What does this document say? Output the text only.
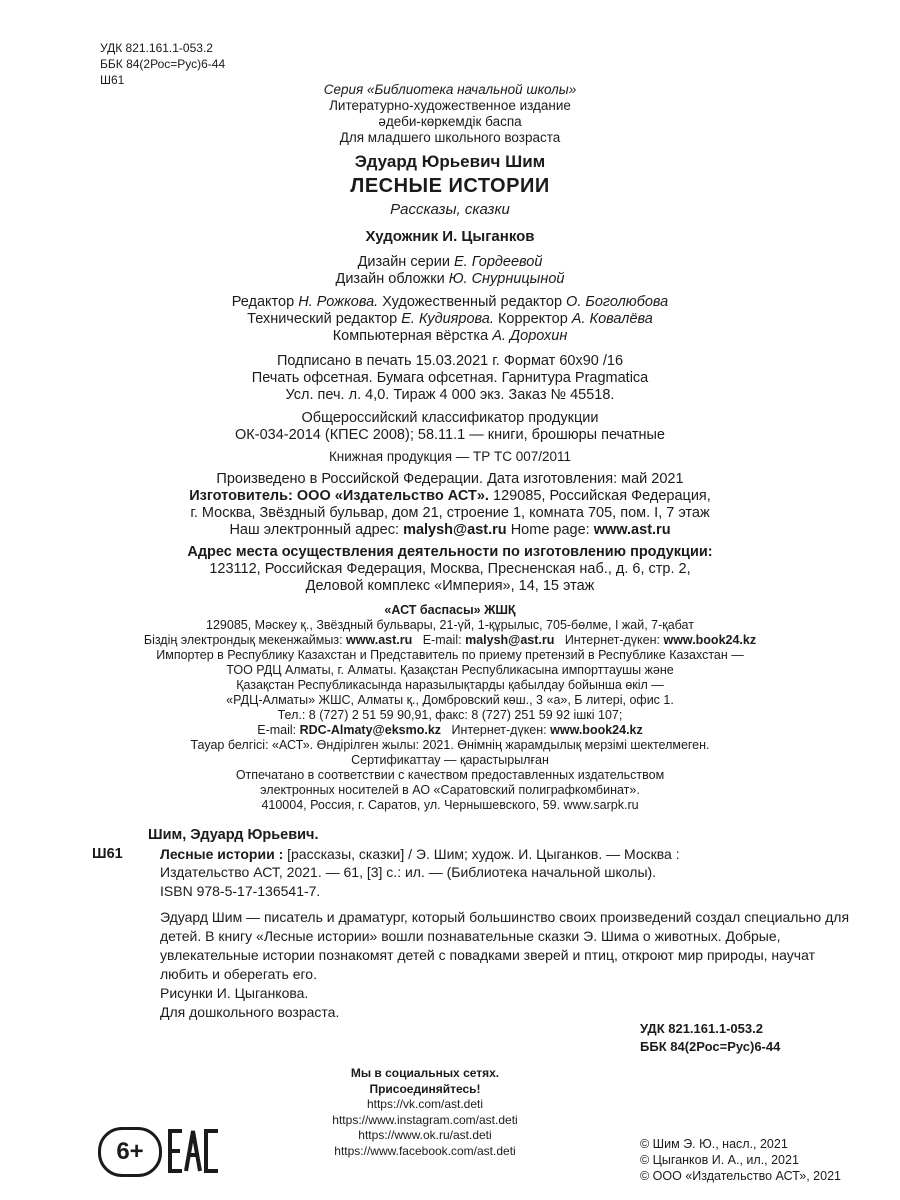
УДК 821.161.1-053.2
ББК 84(2Рос=Рус)6-44
Ш61
Серия «Библиотека начальной школы»
Литературно-художественное издание
әдеби-көркемдік баспа
Для младшего школьного возраста
Эдуард Юрьевич Шим
ЛЕСНЫЕ ИСТОРИИ
Рассказы, сказки
Художник И. Цыганков
Дизайн серии Е. Гордеевой
Дизайн обложки Ю. Снурницыной
Редактор Н. Рожкова. Художественный редактор О. Боголюбова
Технический редактор Е. Кудиярова. Корректор А. Ковалёва
Компьютерная вёрстка А. Дорохин
Подписано в печать 15.03.2021 г. Формат 60x90 /16
Печать офсетная. Бумага офсетная. Гарнитура Pragmatica
Усл. печ. л. 4,0. Тираж 4 000 экз. Заказ № 45518.
Общероссийский классификатор продукции
ОК-034-2014 (КПЕС 2008); 58.11.1 — книги, брошюры печатные
Книжная продукция — ТР ТС 007/2011
Произведено в Российской Федерации. Дата изготовления: май 2021
Изготовитель: ООО «Издательство АСТ». 129085, Российская Федерация,
г. Москва, Звёздный бульвар, дом 21, строение 1, комната 705, пом. I, 7 этаж
Наш электронный адрес: malysh@ast.ru Home page: www.ast.ru
Адрес места осуществления деятельности по изготовлению продукции:
123112, Российская Федерация, Москва, Пресненская наб., д. 6, стр. 2,
Деловой комплекс «Империя», 14, 15 этаж
«АСТ баспасы» ЖШҚ
129085, Мәскеу қ., Звёздный бульвары, 21-үй, 1-құрылыс, 705-бөлме, I жай, 7-қабат
Біздің электрондық мекенжаймыз: www.ast.ru E-mail: malysh@ast.ru Интернет-дүкен: www.book24.kz
Импортер в Республику Казахстан и Представитель по приему претензий в Республике Казахстан —
ТОО РДЦ Алматы, г. Алматы. Қазақстан Республикасына импорттаушы және
Қазақстан Республикасында наразылықтарды қабылдау бойынша өкіл —
«РДЦ-Алматы» ЖШС, Алматы қ., Домбровский көш., 3 «а», Б литері, офис 1.
Тел.: 8 (727) 2 51 59 90,91, факс: 8 (727) 251 59 92 ішкі 107;
E-mail: RDC-Almaty@eksmo.kz Интернет-дүкен: www.book24.kz
Тауар белгісі: «АСТ». Өндірілген жылы: 2021. Өнімнің жарамдылық мерзімі шектелмеген.
Сертификаттау — қарастырылған
Отпечатано в соответствии с качеством предоставленных издательством
электронных носителей в АО «Саратовский полиграфкомбинат».
410004, Россия, г. Саратов, ул. Чернышевского, 59. www.sarpk.ru
Шим, Эдуард Юрьевич.
Ш61	Лесные истории : [рассказы, сказки] / Э. Шим; худож. И. Цыганков. — Москва :
Издательство АСТ, 2021. — 61, [3] с.: ил. — (Библиотека начальной школы).
ISBN 978-5-17-136541-7.
Эдуард Шим — писатель и драматург, который большинство своих произведений создал специально для детей. В книгу «Лесные истории» вошли познавательные сказки Э. Шима о животных. Добрые, увлекательные истории познакомят детей с повадками зверей и птиц, откроют мир природы, научат любить и оберегать его.
Рисунки И. Цыганкова.
Для дошкольного возраста.
УДК 821.161.1-053.2
ББК 84(2Рос=Рус)6-44
Мы в социальных сетях.
Присоединяйтесь!
https://vk.com/ast.deti
https://www.instagram.com/ast.deti
https://www.ok.ru/ast.deti
https://www.facebook.com/ast.deti
6+	© Шим Э. Ю., насл., 2021
© Цыганков И. А., ил., 2021
© ООО «Издательство АСТ», 2021
